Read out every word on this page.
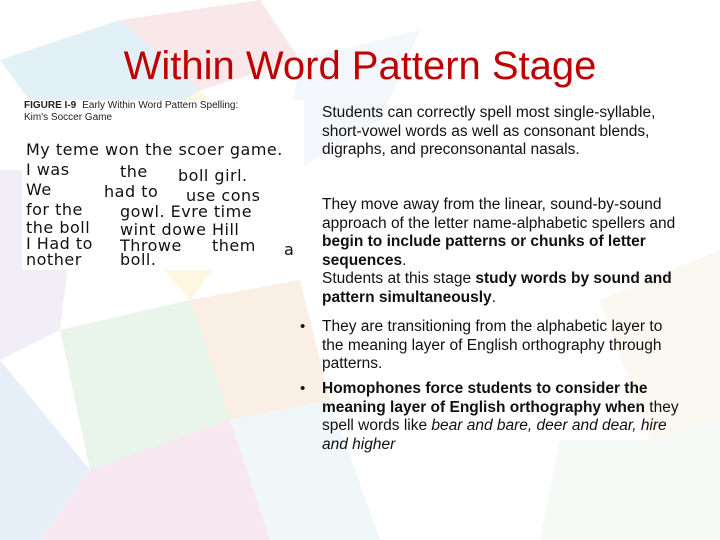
Within Word Pattern Stage
FIGURE I-9 Early Within Word Pattern Spelling:
Kim's Soccer Game
My teme won the scoer game.
I was	the boll girl.
We	had to use cons
for the gowl. Evre time
the boll wint dowe Hill
I Had to Throwe them a
nother boll.
Students can correctly spell most single-syllable, short-vowel words as well as consonant blends, digraphs, and preconsonantal nasals.
They move away from the linear, sound-by-sound approach of the letter name-alphabetic spellers and begin to include patterns or chunks of letter sequences.
Students at this stage study words by sound and pattern simultaneously.
• They are transitioning from the alphabetic layer to the meaning layer of English orthography through patterns.
• Homophones force students to consider the meaning layer of English orthography when they spell words like bear and bare, deer and dear, hire and higher
